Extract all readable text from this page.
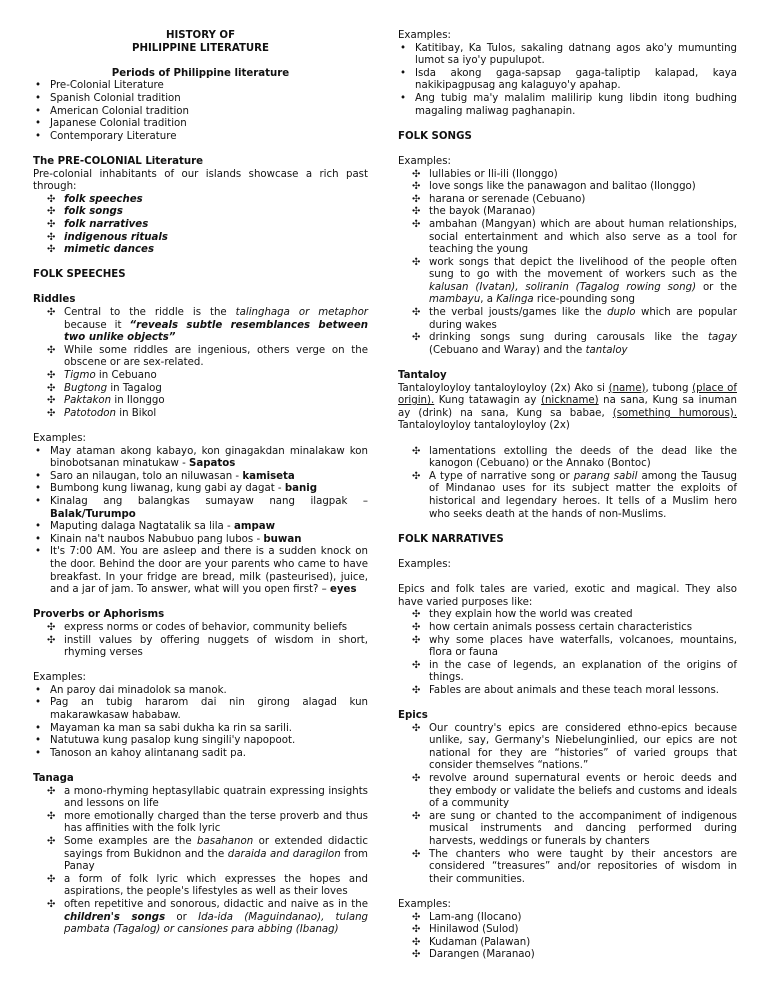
HISTORY OF

PHILIPPINE LITERATURE

Periods of Philippine literature

• Pre-Colonial Literature
• Spanish Colonial tradition
• American Colonial tradition
• Japanese Colonial tradition
• Contemporary Literature

The PRE-COLONIAL Literature

Pre-colonial inhabitants of our islands showcase a rich past through:

✣ folk speeches
✣ folk songs
✣ folk narratives
✣ indigenous rituals
✣ mimetic dances

FOLK SPEECHES

Riddles

✣ Central to the riddle is the talinghaga or metaphor because it “reveals subtle resemblances between two unlike objects”
✣ While some riddles are ingenious, others verge on the obscene or are sex-related.
✣ Tigmo in Cebuano
✣ Bugtong in Tagalog
✣ Paktakon in Ilonggo
✣ Patotodon in Bikol

Examples:

• May ataman akong kabayo, kon ginagakdan minalakaw kon binobotsanan minatukaw - Sapatos
• Saro an nilaugan, tolo an niluwasan - kamiseta
• Bumbong kung liwanag, kung gabi ay dagat - banig
• Kinalag ang balangkas sumayaw nang ilagpak – Balak/Turumpo
• Maputing dalaga Nagtatalik sa lila - ampaw
• Kinain na't naubos Nabubuo pang lubos - buwan
• It's 7:00 AM. You are asleep and there is a sudden knock on the door. Behind the door are your parents who came to have breakfast. In your fridge are bread, milk (pasteurised), juice, and a jar of jam. To answer, what will you open first? – eyes

Proverbs or Aphorisms

✣ express norms or codes of behavior, community beliefs
✣ instill values by offering nuggets of wisdom in short, rhyming verses

Examples:

• An paroy dai minadolok sa manok.
• Pag an tubig hararom dai nin girong alagad kun makarawkasaw hababaw.
• Mayaman ka man sa sabi dukha ka rin sa sarili.
• Natutuwa kung pasalop kung singili'y napopoot.
• Tanoson an kahoy alintanang sadit pa.

Tanaga

✣ a mono-rhyming heptasyllabic quatrain expressing insights and lessons on life
✣ more emotionally charged than the terse proverb and thus has affinities with the folk lyric
✣ Some examples are the basahanon or extended didactic sayings from Bukidnon and the daraida and daragilon from Panay
✣ a form of folk lyric which expresses the hopes and aspirations, the people's lifestyles as well as their loves
✣ often repetitive and sonorous, didactic and naive as in the children's songs or Ida-ida (Maguindanao), tulang pambata (Tagalog) or cansiones para abbing (Ibanag)

Examples:

• Katitibay, Ka Tulos, sakaling datnang agos ako'y mumunting lumot sa iyo'y pupulupot.
• Isda akong gaga-sapsap gaga-taliptip kalapad, kaya nakikipagpusag ang kalaguyo'y apahap.
• Ang tubig ma'y malalim malilirip kung libdin itong budhing magaling maliwag paghanapin.

FOLK SONGS

Examples:

✣ lullabies or Ili-ili (Ilonggo)
✣ love songs like the panawagon and balitao (Ilonggo)
✣ harana or serenade (Cebuano)
✣ the bayok (Maranao)
✣ ambahan (Mangyan) which are about human relationships, social entertainment and which also serve as a tool for teaching the young
✣ work songs that depict the livelihood of the people often sung to go with the movement of workers such as the kalusan (Ivatan), soliranin (Tagalog rowing song) or the mambayu, a Kalinga rice-pounding song
✣ the verbal jousts/games like the duplo which are popular during wakes
✣ drinking songs sung during carousals like the tagay (Cebuano and Waray) and the tantaloy

Tantaloy

Tantaloyloyloy tantaloyloyloy (2x) Ako si (name), tubong (place of origin). Kung tatawagin ay (nickname) na sana, Kung sa inuman ay (drink) na sana, Kung sa babae, (something humorous). Tantaloyloyloy tantaloyloyloy (2x)

✣ lamentations extolling the deeds of the dead like the kanogon (Cebuano) or the Annako (Bontoc)
✣ A type of narrative song or parang sabil among the Tausug of Mindanao uses for its subject matter the exploits of historical and legendary heroes. It tells of a Muslim hero who seeks death at the hands of non-Muslims.

FOLK NARRATIVES

Examples:

Epics and folk tales are varied, exotic and magical. They also have varied purposes like:

✣ they explain how the world was created
✣ how certain animals possess certain characteristics
✣ why some places have waterfalls, volcanoes, mountains, flora or fauna
✣ in the case of legends, an explanation of the origins of things.
✣ Fables are about animals and these teach moral lessons.

Epics

✣ Our country's epics are considered ethno-epics because unlike, say, Germany's Niebelunginlied, our epics are not national for they are “histories” of varied groups that consider themselves “nations.”
✣ revolve around supernatural events or heroic deeds and they embody or validate the beliefs and customs and ideals of a community
✣ are sung or chanted to the accompaniment of indigenous musical instruments and dancing performed during harvests, weddings or funerals by chanters
✣ The chanters who were taught by their ancestors are considered “treasures” and/or repositories of wisdom in their communities.

Examples:

✣ Lam-ang (Ilocano)
✣ Hinilawod (Sulod)
✣ Kudaman (Palawan)
✣ Darangen (Maranao)
